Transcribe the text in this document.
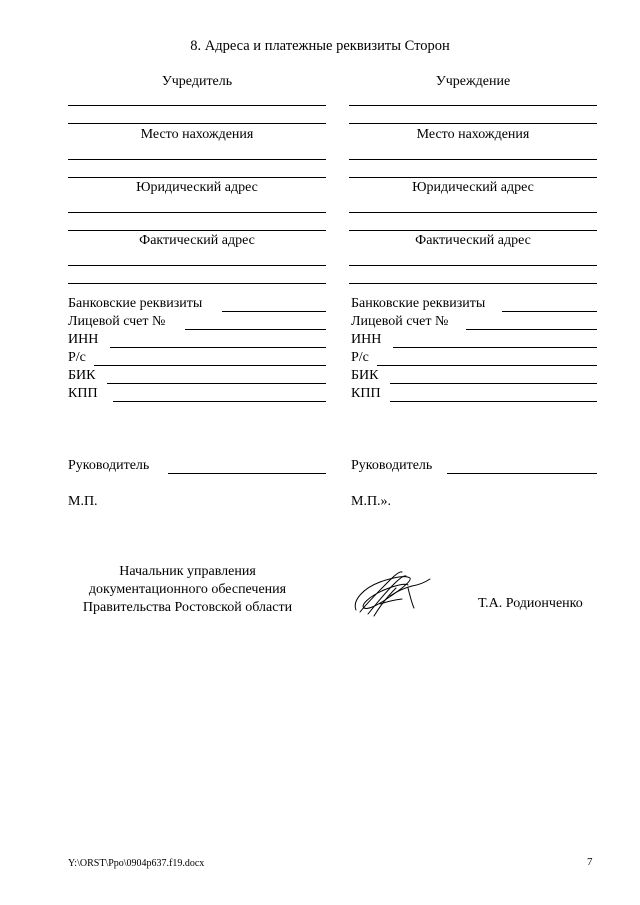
8. Адреса и платежные реквизиты Сторон
Учредитель
Место нахождения
Юридический адрес
Фактический адрес
Банковские реквизиты
Лицевой счет №
ИНН
Р/с
БИК
КПП
Руководитель
М.П.
Учреждение
Место нахождения
Юридический адрес
Фактический адрес
Банковские реквизиты
Лицевой счет №
ИНН
Р/с
БИК
КПП
Руководитель
М.П.».
Начальник управления
документационного обеспечения
Правительства Ростовской области	Т.А. Родионченко
Y:\ORST\Ppo\0904p637.f19.docx	7
